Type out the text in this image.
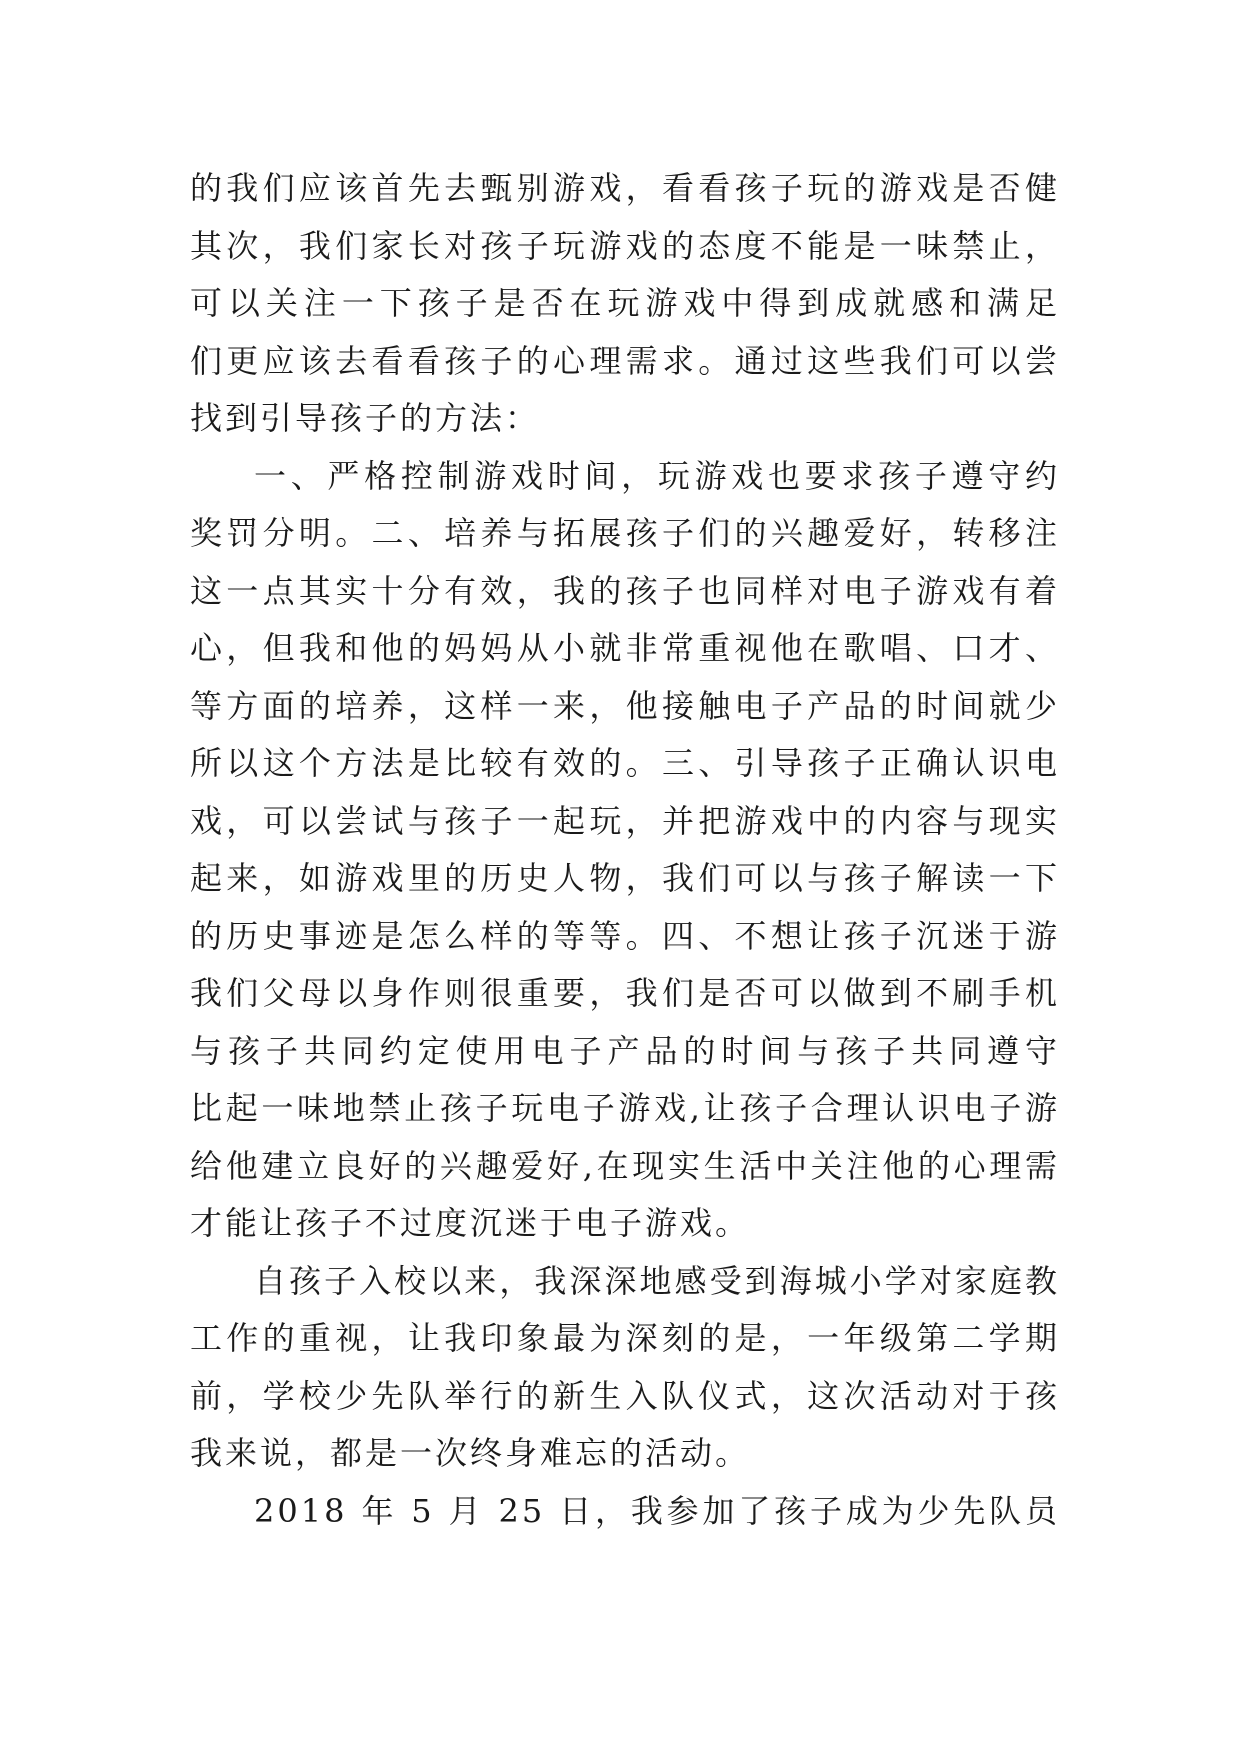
的我们应该首先去甄别游戏，看看孩子玩的游戏是否健
其次，我们家长对孩子玩游戏的态度不能是一味禁止，
可以关注一下孩子是否在玩游戏中得到成就感和满足
们更应该去看看孩子的心理需求。通过这些我们可以尝
找到引导孩子的方法：
一、严格控制游戏时间，玩游戏也要求孩子遵守约
奖罚分明。二、培养与拓展孩子们的兴趣爱好，转移注
这一点其实十分有效，我的孩子也同样对电子游戏有着
心，但我和他的妈妈从小就非常重视他在歌唱、口才、
等方面的培养，这样一来，他接触电子产品的时间就少
所以这个方法是比较有效的。三、引导孩子正确认识电
戏，可以尝试与孩子一起玩，并把游戏中的内容与现实
起来，如游戏里的历史人物，我们可以与孩子解读一下
的历史事迹是怎么样的等等。四、不想让孩子沉迷于游
我们父母以身作则很重要，我们是否可以做到不刷手机
与孩子共同约定使用电子产品的时间与孩子共同遵守
比起一味地禁止孩子玩电子游戏,让孩子合理认识电子游
给他建立良好的兴趣爱好,在现实生活中关注他的心理需
才能让孩子不过度沉迷于电子游戏。
自孩子入校以来，我深深地感受到海城小学对家庭教
工作的重视，让我印象最为深刻的是，一年级第二学期
前，学校少先队举行的新生入队仪式，这次活动对于孩
我来说，都是一次终身难忘的活动。
2018 年 5 月 25 日，我参加了孩子成为少先队员
